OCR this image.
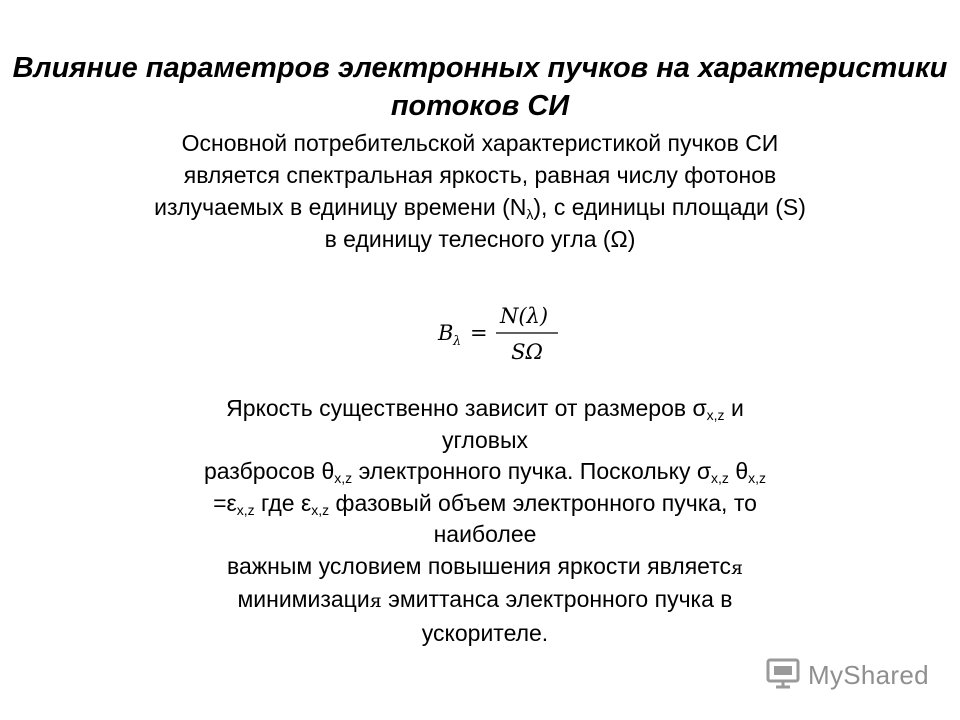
Влияние параметров электронных пучков на характеристики
потоков СИ
Основной потребительской характеристикой пучков СИ
является спектральная яркость, равная числу фотонов
излучаемых в единицу времени $(N_\lambda)$, с единицы площади (S)
в единицу телесного угла (Ω)
B λ =
N(λ)
SΩ
Яркость существенно зависит от размеров $\sigma_{x,z}$ и
угловых
разбросов $\theta_{x,z}$ электронного пучка. Поскольку $\sigma_{x,z}$ $\theta_{x,z}$
$=\varepsilon_{x,z}$ где $\varepsilon_{x,z}$ фазовый объем электронного пучка, то
наиболее
важным условием повышения яркости является
минимизация эмиттанса электронного пучка в
ускорителе.
MyShared
